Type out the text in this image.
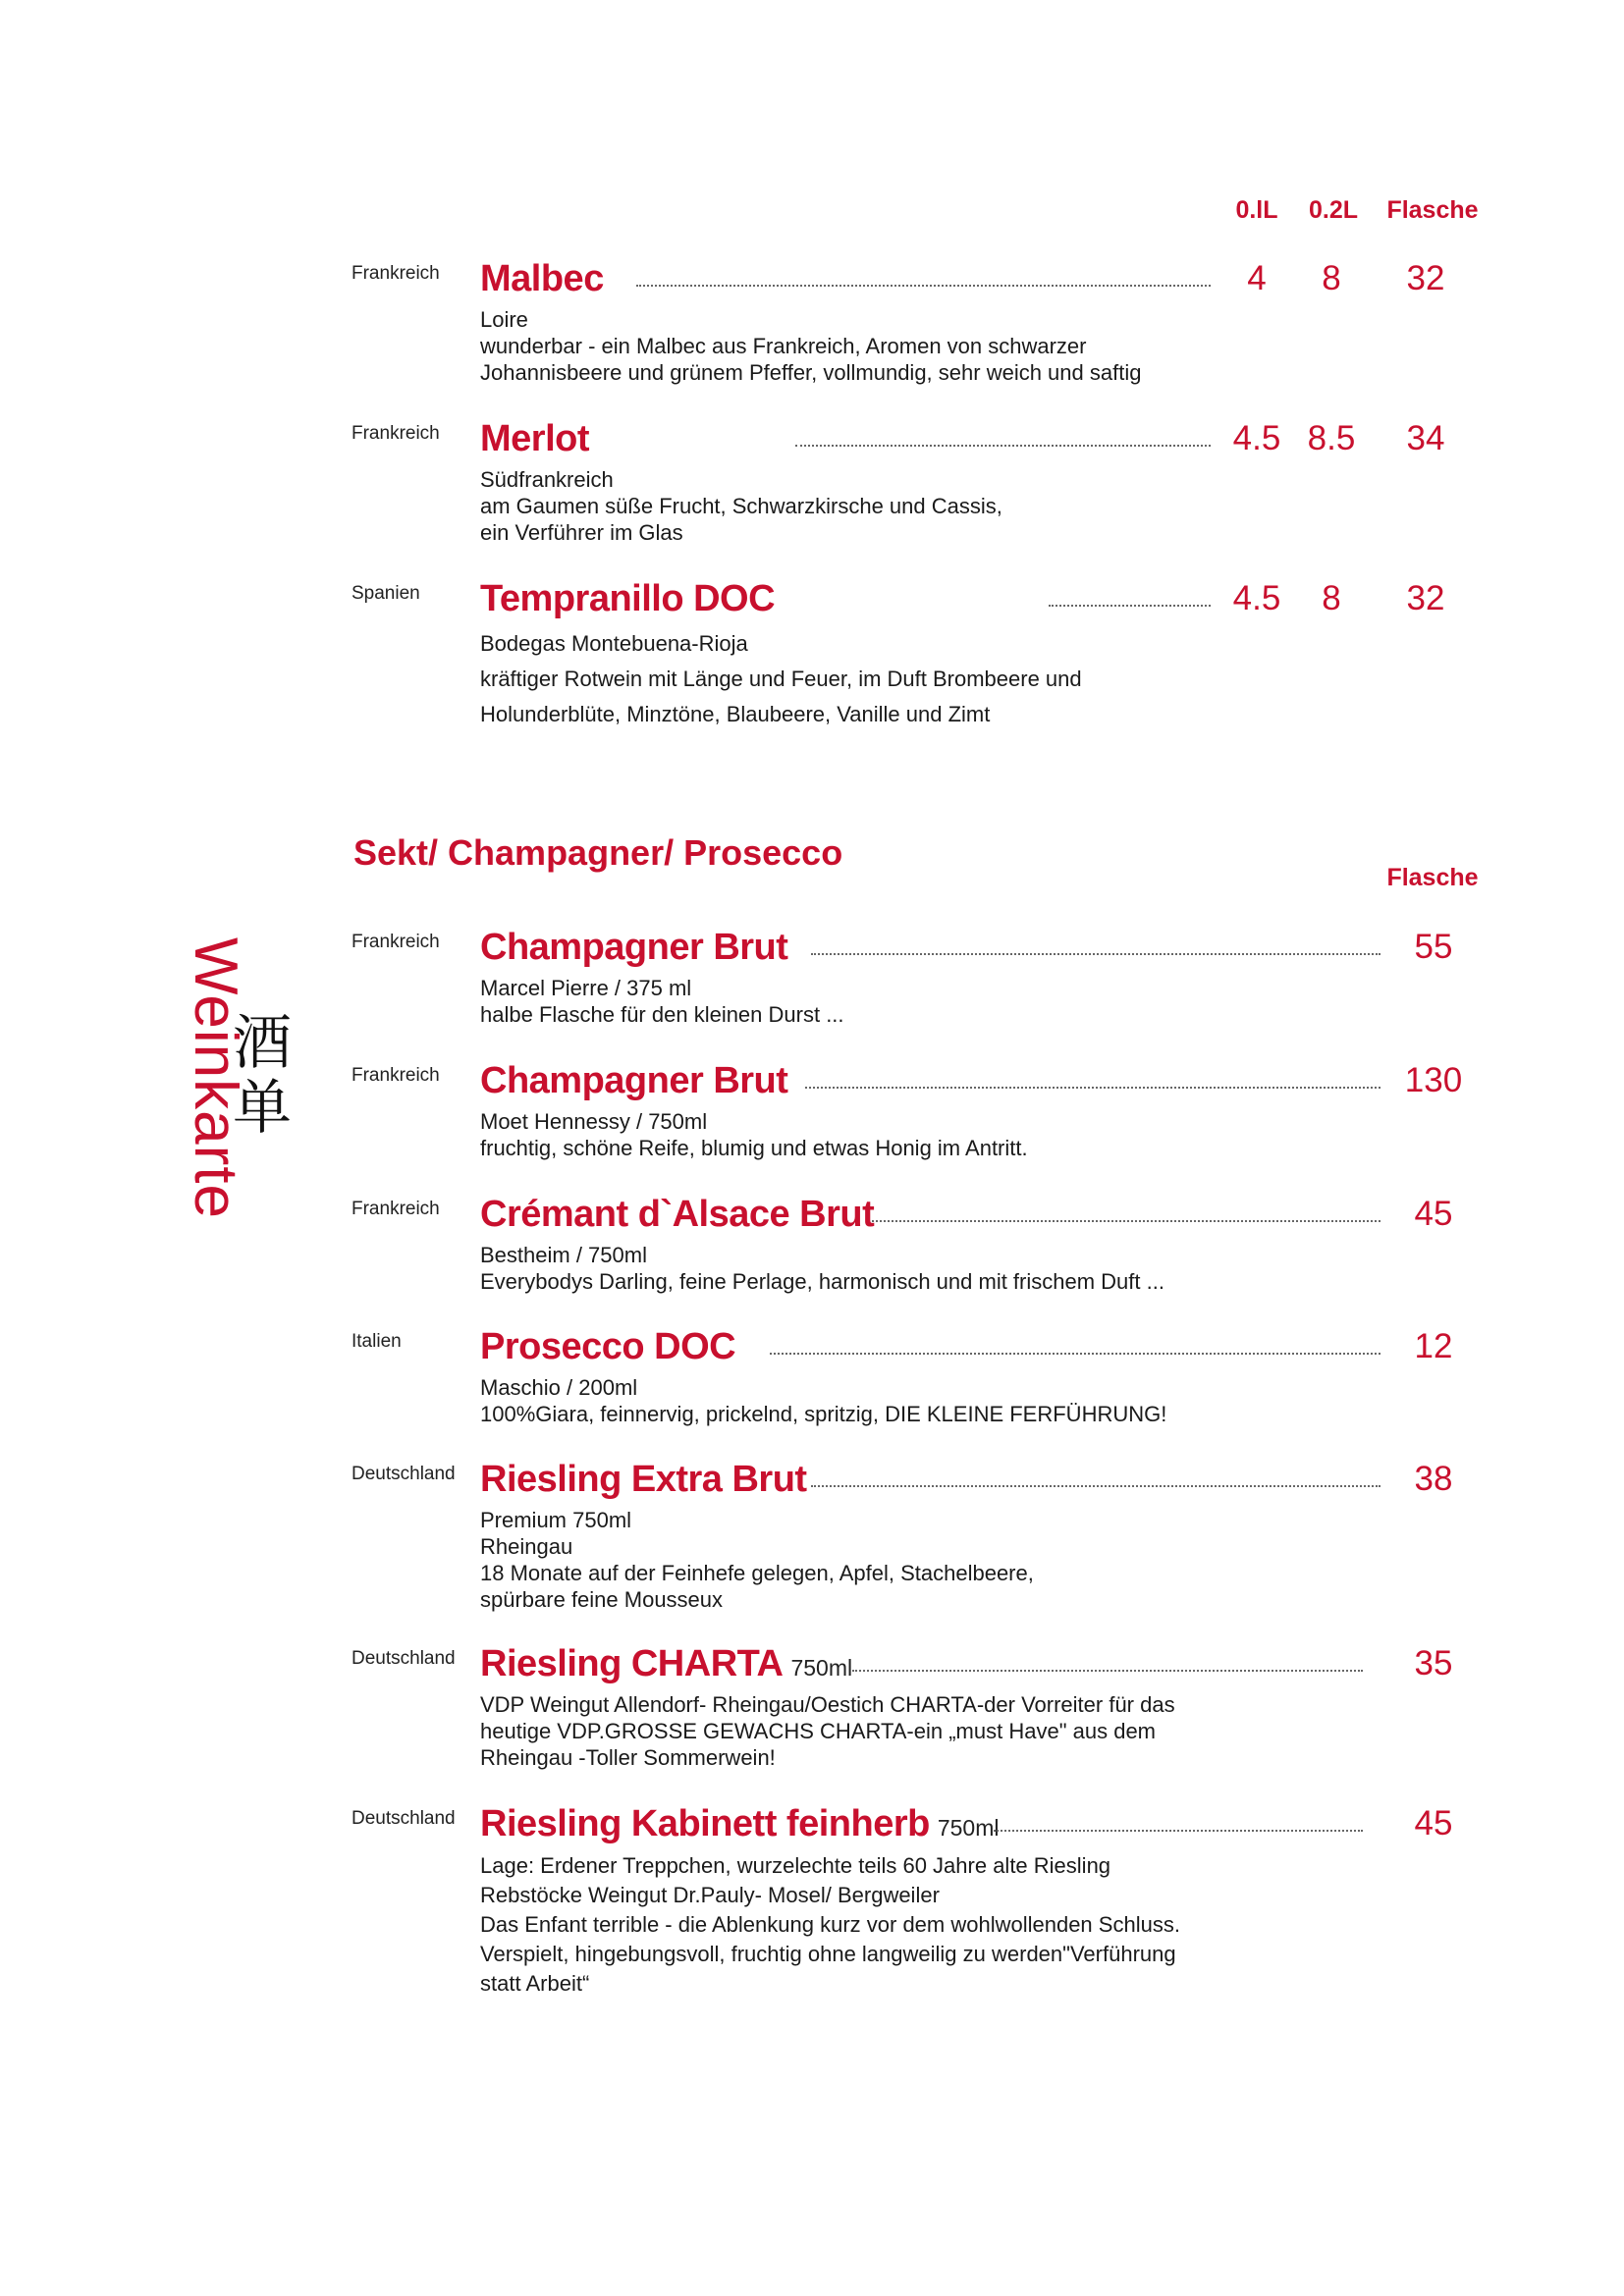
Weinkarte
酒
单
0.lL	0.2L	Flasche
Frankreich	Malbec
Loire
wunderbar - ein Malbec aus Frankreich, Aromen von schwarzer
Johannisbeere und grünem Pfeffer, vollmundig, sehr weich und saftig
4	8	32
Frankreich	Merlot
Südfrankreich
am Gaumen süße Frucht, Schwarzkirsche und Cassis,
ein Verführer im Glas
4.5 8.5	34
Spanien	Tempranillo DOC
Bodegas Montebuena-Rioja
kräftiger Rotwein mit Länge und Feuer, im Duft Brombeere und
Holunderblüte, Minztöne, Blaubeere, Vanille und Zimt
4.5	8	32
Sekt/ Champagner/ Prosecco
Flasche
Frankreich	Champagner Brut
Marcel Pierre / 375 ml
halbe Flasche für den kleinen Durst ...
55
Frankreich	Champagner Brut
Moet Hennessy / 750ml
fruchtig, schöne Reife, blumig und etwas Honig im Antritt.
130
Frankreich	Crémant d`Alsace Brut
Bestheim / 750ml
Everybodys Darling, feine Perlage, harmonisch und mit frischem Duft ...
45
Italien	Prosecco DOC
Maschio / 200ml
100%Giara, feinnervig, prickelnd, spritzig, DIE KLEINE FERFÜHRUNG!
12
Deutschland Riesling Extra Brut
Premium 750ml
Rheingau
18 Monate auf der Feinhefe gelegen, Apfel, Stachelbeere,
spürbare feine Mousseux
38
Deutschland Riesling CHARTA 750ml
VDP Weingut Allendorf- Rheingau/Oestich CHARTA-der Vorreiter für das
heutige VDP.GROSSE GEWACHS CHARTA-ein „must Have" aus dem
Rheingau -Toller Sommerwein!
35
Deutschland Riesling Kabinett feinherb 750ml
Lage: Erdener Treppchen, wurzelechte teils 60 Jahre alte Riesling
Rebstöcke Weingut Dr.Pauly- Mosel/ Bergweiler
Das Enfant terrible - die Ablenkung kurz vor dem wohlwollenden Schluss.
Verspielt, hingebungsvoll, fruchtig ohne langweilig zu werden"Verführung
statt Arbeit“
45
